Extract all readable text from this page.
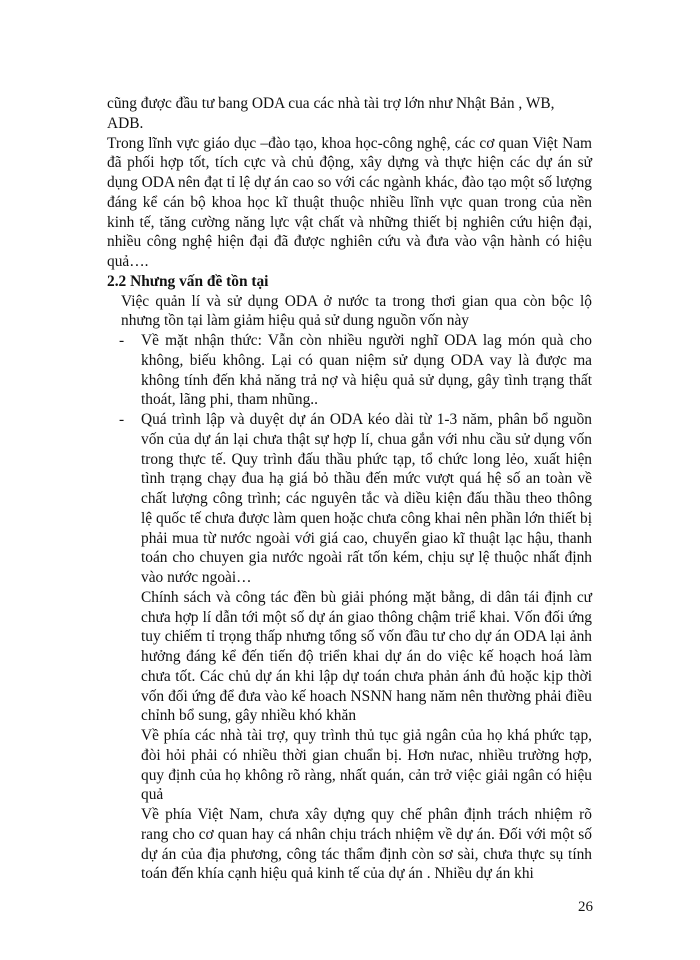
cũng được đầu tư bang ODA cua các nhà tài trợ lớn như Nhật Bản , WB, ADB.

Trong lĩnh vực giáo dục –đào tạo, khoa học-công nghệ, các cơ quan Việt Nam đã phối hợp tốt, tích cực và chủ động, xây dựng và thực hiện các dự án sử dụng ODA nên đạt tỉ lệ dự án cao so với các ngành khác, đào tạo một số lượng đáng kể cán bộ khoa học kĩ thuật thuộc nhiều lĩnh vực quan trong của nền kinh tế, tăng cường năng lực vật chất và những thiết bị nghiên cứu hiện đại, nhiều công nghệ hiện đại đã được nghiên cứu và đưa vào vận hành có hiệu quả….

2.2 Nhưng vấn đề tồn tại

Việc quản lí và sử dụng ODA ở nước ta trong thơi gian qua còn bộc lộ nhưng tồn tại làm giảm hiệu quả sử dung nguồn vốn này

- Về mặt nhận thức: Vẫn còn nhiều người nghĩ ODA lag món quà cho không, biếu không. Lại có quan niệm sử dụng ODA vay là được ma không tính đến khả năng trả nợ và hiệu quả sử dụng, gây tình trạng thất thoát, lãng phi, tham nhũng..
- Quá trình lập và duyệt dự án ODA kéo dài từ 1-3 năm, phân bổ nguồn vốn của dự án lại chưa thật sự hợp lí, chua gắn với nhu cầu sử dụng vốn trong thực tế. Quy trình đấu thầu phức tạp, tổ chức long lẻo, xuất hiện tình trạng chạy đua hạ giá bỏ thầu đến mức vượt quá hệ số an toàn về chất lượng công trình; các nguyên tắc và diều kiện đấu thầu theo thông lệ quốc tế chưa được làm quen hoặc chưa công khai nên phần lớn thiết bị phải mua từ nước ngoài với giá cao, chuyển giao kĩ thuật lạc hậu, thanh toán cho chuyen gia nước ngoài rất tốn kém, chịu sự lệ thuộc nhất định vào nước ngoài…

Chính sách và công tác đền bù giải phóng mặt bằng, di dân tái định cư chưa hợp lí dẫn tới một số dự án giao thông chậm triể khai. Vốn đối ứng tuy chiếm tỉ trọng thấp nhưng tổng số vốn đầu tư cho dự án ODA lại ảnh hưởng đáng kể đến tiến độ triển khai dự án do việc kế hoạch hoá làm chưa tốt. Các chủ dự án khi lập dự toán chưa phản ánh đủ hoặc kịp thời vốn đối ứng để đưa vào kế hoach NSNN hang năm nên thường phải điều chỉnh bổ sung, gây nhiều khó khăn

Về phía các nhà tài trợ, quy trình thủ tục giả ngân của họ khá phức tạp, đòi hỏi phải có nhiều thời gian chuẩn bị. Hơn nưac, nhiều trường hợp, quy định của họ không rõ ràng, nhất quán, cản trở việc giải ngân có hiệu quả

Về phía Việt Nam, chưa xây dựng quy chế phân định trách nhiệm rõ rang cho cơ quan hay cá nhân chịu trách nhiệm về dự án. Đối với một số dự án của địa phương, công tác thẩm định còn sơ sài, chưa thực sụ tính toán đến khía cạnh hiệu quả kinh tế của dự án . Nhiều dự án khi

26
